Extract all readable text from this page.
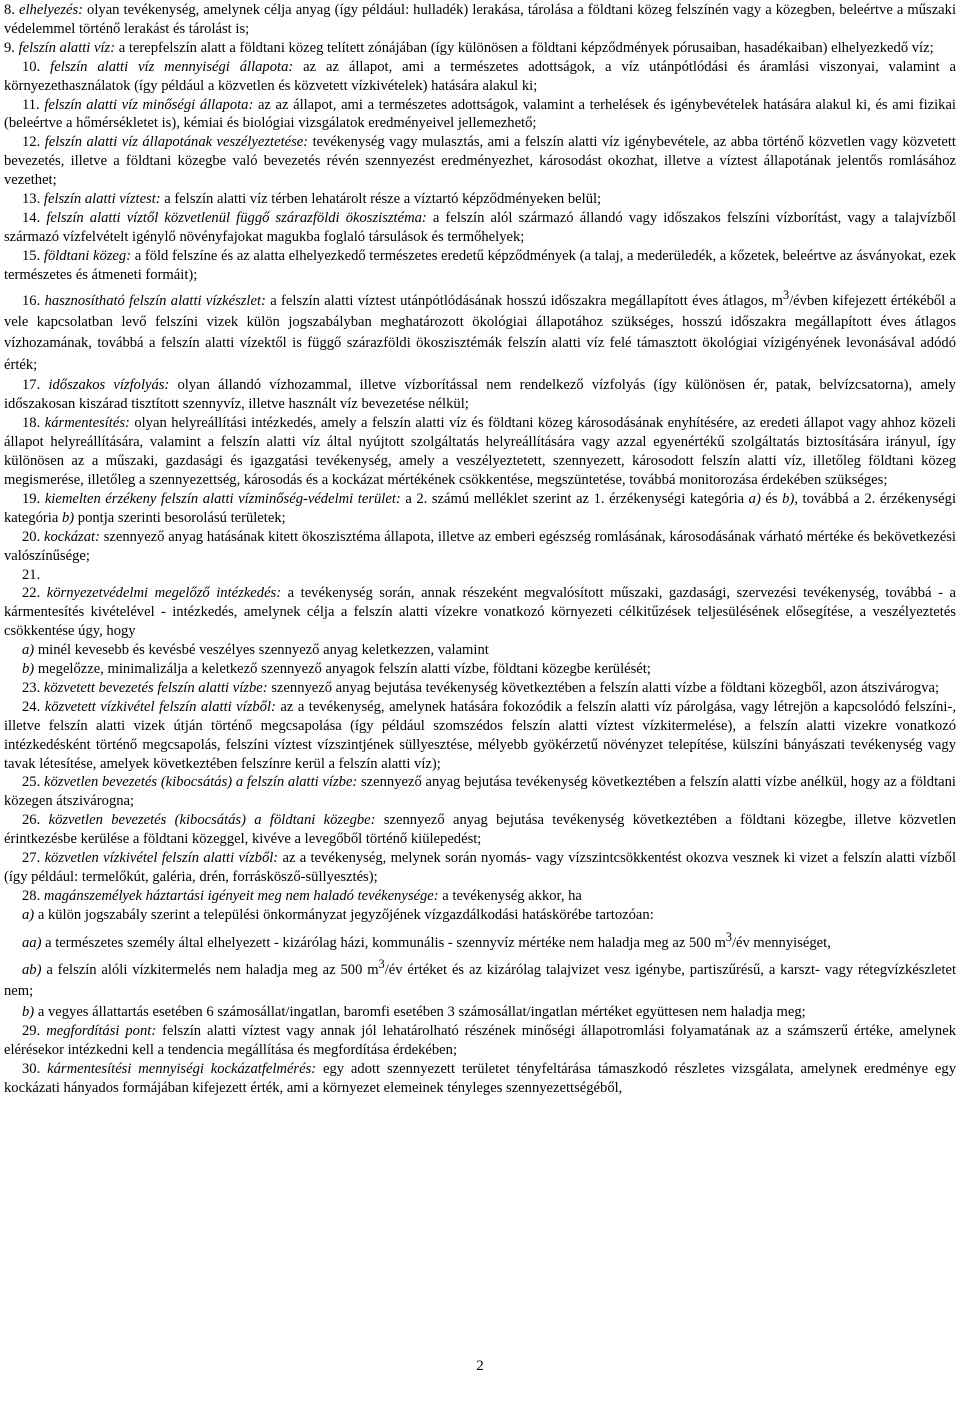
8. elhelyezés: olyan tevékenység, amelynek célja anyag (így például: hulladék) lerakása, tárolása a földtani közeg felszínén vagy a közegben, beleértve a műszaki védelemmel történő lerakást és tárolást is;

9. felszín alatti víz: a terepfelszín alatt a földtani közeg telített zónájában (így különösen a földtani képződmények pórusaiban, hasadékaiban) elhelyezkedő víz;

10. felszín alatti víz mennyiségi állapota: az az állapot, ami a természetes adottságok, a víz utánpótlódási és áramlási viszonyai, valamint a környezethasználatok (így például a közvetlen és közvetett vízkivételek) hatására alakul ki;

11. felszín alatti víz minőségi állapota: az az állapot, ami a természetes adottságok, valamint a terhelések és igénybevételek hatására alakul ki, és ami fizikai (beleértve a hőmérsékletet is), kémiai és biológiai vizsgálatok eredményeivel jellemezhető;

12. felszín alatti víz állapotának veszélyeztetése: tevékenység vagy mulasztás, ami a felszín alatti víz igénybevétele, az abba történő közvetlen vagy közvetett bevezetés, illetve a földtani közegbe való bevezetés révén szennyezést eredményezhet, károsodást okozhat, illetve a víztest állapotának jelentős romlásához vezethet;

13. felszín alatti víztest: a felszín alatti víz térben lehatárolt része a víztartó képződményeken belül;

14. felszín alatti víztől közvetlenül függő szárazföldi ökoszisztéma: a felszín alól származó állandó vagy időszakos felszíni vízborítást, vagy a talajvízből származó vízfelvételt igénylő növényfajokat magukba foglaló társulások és termőhelyek;

15. földtani közeg: a föld felszíne és az alatta elhelyezkedő természetes eredetű képződmények (a talaj, a mederüledék, a kőzetek, beleértve az ásványokat, ezek természetes és átmeneti formáit);

16. hasznosítható felszín alatti vízkészlet: a felszín alatti víztest utánpótlódásának hosszú időszakra megállapított éves átlagos, $m^3$/évben kifejezett értékéből a vele kapcsolatban levő felszíni vizek külön jogszabályban meghatározott ökológiai állapotához szükséges, hosszú időszakra megállapított éves átlagos vízhozamának, továbbá a felszín alatti vízektől is függő szárazföldi ökoszisztémák felszín alatti víz felé támasztott ökológiai vízigényének levonásával adódó érték;

17. időszakos vízfolyás: olyan állandó vízhozammal, illetve vízborítással nem rendelkező vízfolyás (így különösen ér, patak, belvízcsatorna), amely időszakosan kiszárad tisztított szennyvíz, illetve használt víz bevezetése nélkül;

18. kármentesítés: olyan helyreállítási intézkedés, amely a felszín alatti víz és földtani közeg károsodásának enyhítésére, az eredeti állapot vagy ahhoz közeli állapot helyreállítására, valamint a felszín alatti víz által nyújtott szolgáltatás helyreállítására vagy azzal egyenértékű szolgáltatás biztosítására irányul, így különösen az a műszaki, gazdasági és igazgatási tevékenység, amely a veszélyeztetett, szennyezett, károsodott felszín alatti víz, illetőleg földtani közeg megismerése, illetőleg a szennyezettség, károsodás és a kockázat mértékének csökkentése, megszüntetése, továbbá monitorozása érdekében szükséges;

19. kiemelten érzékeny felszín alatti vízminőség-védelmi terület: a 2. számú melléklet szerint az 1. érzékenységi kategória a) és b), továbbá a 2. érzékenységi kategória b) pontja szerinti besorolású területek;

20. kockázat: szennyező anyag hatásának kitett ökoszisztéma állapota, illetve az emberi egészség romlásának, károsodásának várható mértéke és bekövetkezési valószínűsége;

21.

22. környezetvédelmi megelőző intézkedés: a tevékenység során, annak részeként megvalósított műszaki, gazdasági, szervezési tevékenység, továbbá - a kármentesítés kivételével - intézkedés, amelynek célja a felszín alatti vízekre vonatkozó környezeti célkitűzések teljesülésének elősegítése, a veszélyeztetés csökkentése úgy, hogy

a) minél kevesebb és kevésbé veszélyes szennyező anyag keletkezzen, valamint

b) megelőzze, minimalizálja a keletkező szennyező anyagok felszín alatti vízbe, földtani közegbe kerülését;

23. közvetett bevezetés felszín alatti vízbe: szennyező anyag bejutása tevékenység következtében a felszín alatti vízbe a földtani közegből, azon átszivárogva;

24. közvetett vízkivétel felszín alatti vízből: az a tevékenység, amelynek hatására fokozódik a felszín alatti víz párolgása, vagy létrejön a kapcsolódó felszíni-, illetve felszín alatti vizek útján történő megcsapolása (így például szomszédos felszín alatti víztest vízkitermelése), a felszín alatti vizekre vonatkozó intézkedésként történő megcsapolás, felszíni víztest vízszintjének süllyesztése, mélyebb gyökérzetű növényzet telepítése, külszíni bányászati tevékenység vagy tavak létesítése, amelyek következtében felszínre kerül a felszín alatti víz);

25. közvetlen bevezetés (kibocsátás) a felszín alatti vízbe: szennyező anyag bejutása tevékenység következtében a felszín alatti vízbe anélkül, hogy az a földtani közegen átszivárogna;

26. közvetlen bevezetés (kibocsátás) a földtani közegbe: szennyező anyag bejutása tevékenység következtében a földtani közegbe, illetve közvetlen érintkezésbe kerülése a földtani közeggel, kivéve a levegőből történő kiülepedést;

27. közvetlen vízkivétel felszín alatti vízből: az a tevékenység, melynek során nyomás- vagy vízszintcsökkentést okozva vesznek ki vizet a felszín alatti vízből (így például: termelőkút, galéria, drén, forráskösző-süllyesztés);

28. magánszemélyek háztartási igényeit meg nem haladó tevékenysége: a tevékenység akkor, ha

a) a külön jogszabály szerint a települési önkormányzat jegyzőjének vízgazdálkodási hatáskörébe tartozóan:

aa) a természetes személy által elhelyezett - kizárólag házi, kommunális - szennyvíz mértéke nem haladja meg az 500 $m^3/év$ mennyiséget,

ab) a felszín alóli vízkitermelés nem haladja meg az 500 $m^3/év$ értéket és az kizárólag talajvizet vesz igénybe, partiszűrésű, a karszt- vagy rétegvízkészletet nem;

b) a vegyes állattartás esetében 6 számosállat/ingatlan, baromfi esetében 3 számosállat/ingatlan mértéket együttesen nem haladja meg;

29. megfordítási pont: felszín alatti víztest vagy annak jól lehatárolható részének minőségi állapotromlási folyamatának az a számszerű értéke, amelynek elérésekor intézkedni kell a tendencia megállítása és megfordítása érdekében;

30. kármentesítési mennyiségi kockázatfelmérés: egy adott szennyezett területet tényfeltárása támaszkodó részletes vizsgálata, amelynek eredménye egy kockázati hányados formájában kifejezett érték, ami a környezet elemeinek tényleges szennyezettségéből,

2
